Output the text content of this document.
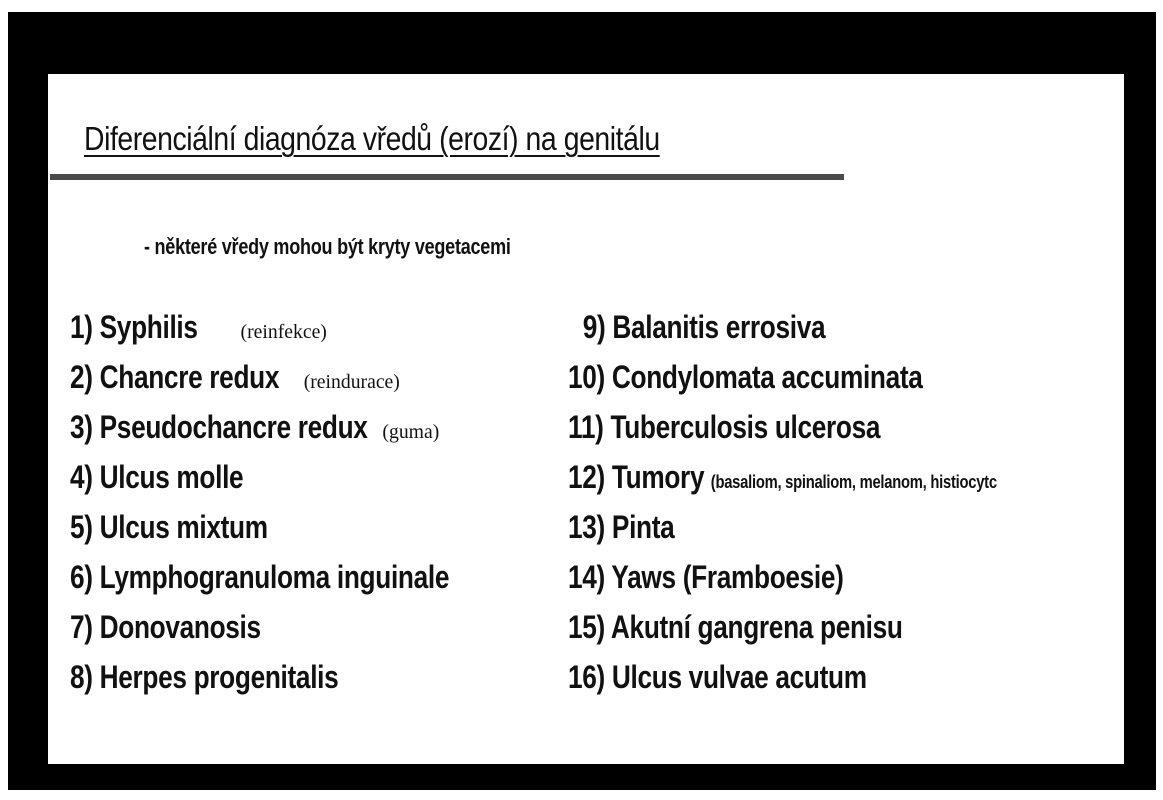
Diferenciální diagnóza vředů (erozí) na genitálu
- některé vředy mohou být kryty vegetacemi
1) Syphilis (reinfekce)
2) Chancre redux (reindurace)
3) Pseudochancre redux (guma)
4) Ulcus molle
5) Ulcus mixtum
6) Lymphogranuloma inguinale
7) Donovanosis
8) Herpes progenitalis
9) Balanitis errosiva
10) Condylomata accuminata
11) Tuberculosis ulcerosa
12) Tumory (basaliom, spinaliom, melanom, histiocytc
13) Pinta
14) Yaws (Framboesie)
15) Akutní gangrena penisu
16) Ulcus vulvae acutum
